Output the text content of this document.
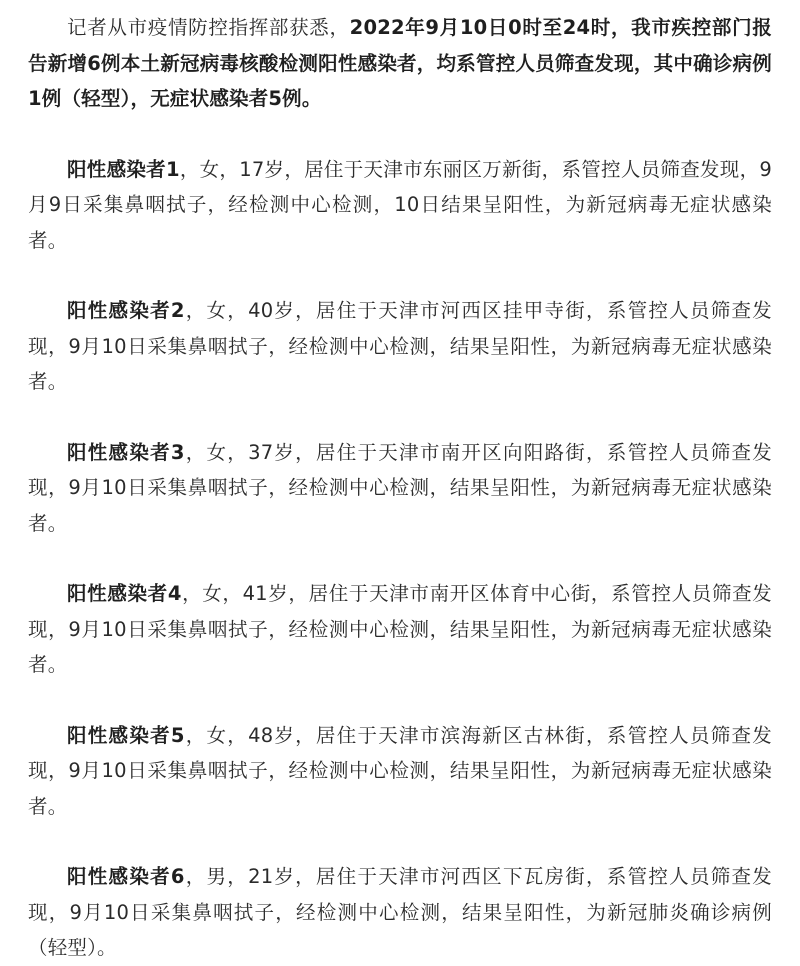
记者从市疫情防控指挥部获悉，2022年9月10日0时至24时，我市疾控部门报告新增6例本土新冠病毒核酸检测阳性感染者，均系管控人员筛查发现，其中确诊病例1例（轻型），无症状感染者5例。

阳性感染者1，女，17岁，居住于天津市东丽区万新街，系管控人员筛查发现，9月9日采集鼻咽拭子，经检测中心检测，10日结果呈阳性，为新冠病毒无症状感染者。

阳性感染者2，女，40岁，居住于天津市河西区挂甲寺街，系管控人员筛查发现，9月10日采集鼻咽拭子，经检测中心检测，结果呈阳性，为新冠病毒无症状感染者。

阳性感染者3，女，37岁，居住于天津市南开区向阳路街，系管控人员筛查发现，9月10日采集鼻咽拭子，经检测中心检测，结果呈阳性，为新冠病毒无症状感染者。

阳性感染者4，女，41岁，居住于天津市南开区体育中心街，系管控人员筛查发现，9月10日采集鼻咽拭子，经检测中心检测，结果呈阳性，为新冠病毒无症状感染者。

阳性感染者5，女，48岁，居住于天津市滨海新区古林街，系管控人员筛查发现，9月10日采集鼻咽拭子，经检测中心检测，结果呈阳性，为新冠病毒无症状感染者。

阳性感染者6，男，21岁，居住于天津市河西区下瓦房街，系管控人员筛查发现，9月10日采集鼻咽拭子，经检测中心检测，结果呈阳性，为新冠肺炎确诊病例（轻型）。
